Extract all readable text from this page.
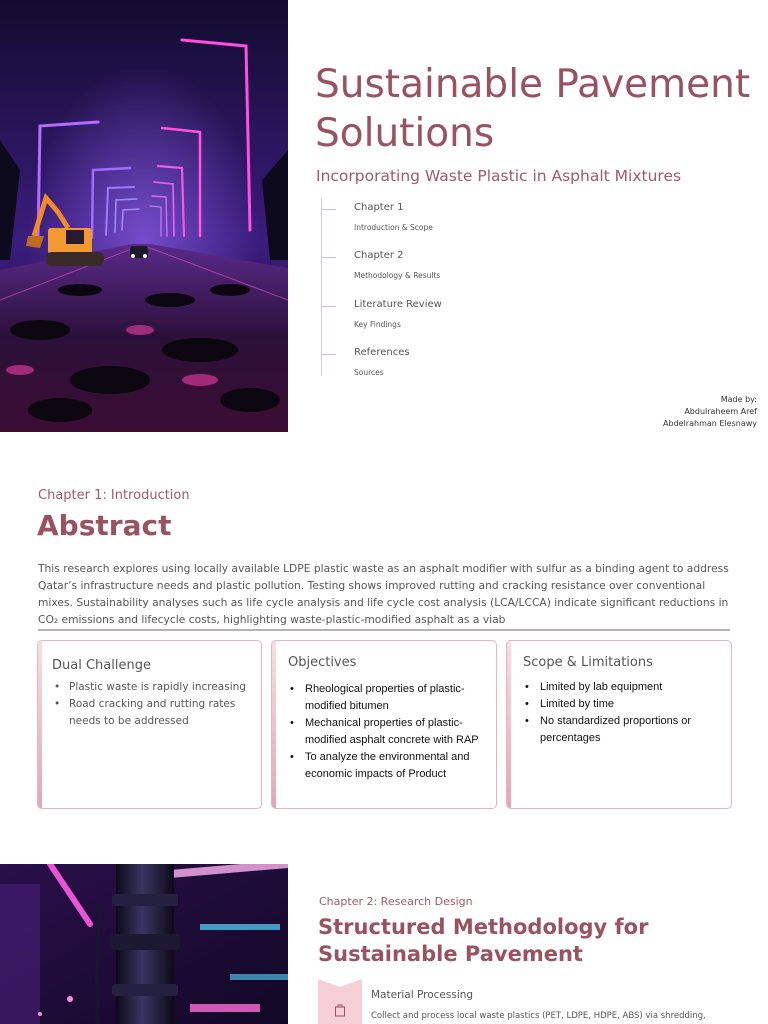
Sustainable Pavement Solutions
Incorporating Waste Plastic in Asphalt Mixtures
Chapter 1
Introduction & Scope
Chapter 2
Methodology & Results
Literature Review
Key Findings
References
Sources
Made by:
Abdulraheem Aref
Abdelrahman Elesnawy
Chapter 1: Introduction
Abstract

This research explores using locally available LDPE plastic waste as an asphalt modifier with sulfur as a binding agent to address Qatar’s infrastructure needs and plastic pollution. Testing shows improved rutting and cracking resistance over conventional mixes. Sustainability analyses such as life cycle analysis and life cycle cost analysis (LCA/LCCA) indicate significant reductions in CO₂ emissions and lifecycle costs, highlighting waste-plastic-modified asphalt as a viab

Dual Challenge
• Plastic waste is rapidly increasing
• Road cracking and rutting rates needs to be addressed
Objectives
• Rheological properties of plastic-modified bitumen
• Mechanical properties of plastic-modified asphalt concrete with RAP
• To analyze the environmental and economic impacts of Product
Scope & Limitations
• Limited by lab equipment
• Limited by time
• No standardized proportions or percentages
Chapter 2: Research Design
Structured Methodology for Sustainable Pavement
Material Processing
Collect and process local waste plastics (PET, LDPE, HDPE, ABS) via shredding,
